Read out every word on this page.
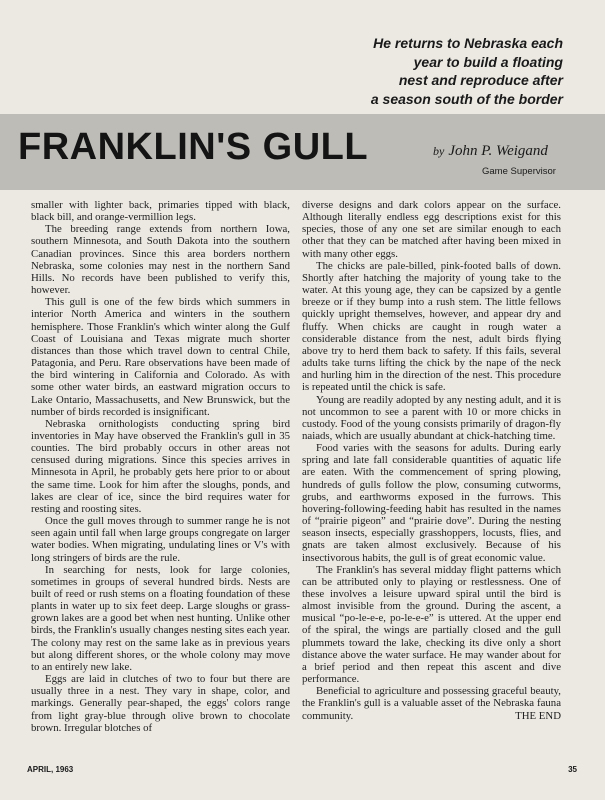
He returns to Nebraska each
year to build a floating
nest and reproduce after
a season south of the border
FRANKLIN'S GULL	by John P. Weigand
Game Supervisor

smaller with lighter back, primaries tipped with black, black bill, and orange-vermillion legs.

The breeding range extends from northern Iowa, southern Minnesota, and South Dakota into the southern Canadian provinces. Since this area borders northern Nebraska, some colonies may nest in the northern Sand Hills. No records have been published to verify this, however.

This gull is one of the few birds which summers in interior North America and winters in the southern hemisphere. Those Franklin's which winter along the Gulf Coast of Louisiana and Texas migrate much shorter distances than those which travel down to central Chile, Patagonia, and Peru. Rare observations have been made of the bird wintering in California and Colorado. As with some other water birds, an eastward migration occurs to Lake Ontario, Massachusetts, and New Brunswick, but the number of birds recorded is insignificant.

Nebraska ornithologists conducting spring bird inventories in May have observed the Franklin's gull in 35 counties. The bird probably occurs in other areas not censused during migrations. Since this species arrives in Minnesota in April, he probably gets here prior to or about the same time. Look for him after the sloughs, ponds, and lakes are clear of ice, since the bird requires water for resting and roosting sites.

Once the gull moves through to summer range he is not seen again until fall when large groups congregate on larger water bodies. When migrating, undulating lines or V's with long stringers of birds are the rule.

In searching for nests, look for large colonies, sometimes in groups of several hundred birds. Nests are built of reed or rush stems on a floating foundation of these plants in water up to six feet deep. Large sloughs or grass-grown lakes are a good bet when nest hunting. Unlike other birds, the Franklin's usually changes nesting sites each year. The colony may rest on the same lake as in previous years but along different shores, or the whole colony may move to an entirely new lake.

Eggs are laid in clutches of two to four but there are usually three in a nest. They vary in shape, color, and markings. Generally pear-shaped, the eggs' colors range from light gray-blue through olive brown to chocolate brown. Irregular blotches of

diverse designs and dark colors appear on the surface. Although literally endless egg descriptions exist for this species, those of any one set are similar enough to each other that they can be matched after having been mixed in with many other eggs.

The chicks are pale-billed, pink-footed balls of down. Shortly after hatching the majority of young take to the water. At this young age, they can be capsized by a gentle breeze or if they bump into a rush stem. The little fellows quickly upright themselves, however, and appear dry and fluffy. When chicks are caught in rough water a considerable distance from the nest, adult birds flying above try to herd them back to safety. If this fails, several adults take turns lifting the chick by the nape of the neck and hurling him in the direction of the nest. This procedure is repeated until the chick is safe.

Young are readily adopted by any nesting adult, and it is not uncommon to see a parent with 10 or more chicks in custody. Food of the young consists primarily of dragon-fly naiads, which are usually abundant at chick-hatching time.

Food varies with the seasons for adults. During early spring and late fall considerable quantities of aquatic life are eaten. With the commencement of spring plowing, hundreds of gulls follow the plow, consuming cutworms, grubs, and earthworms exposed in the furrows. This hovering-following-feeding habit has resulted in the names of “prairie pigeon” and “prairie dove”. During the nesting season insects, especially grasshoppers, locusts, flies, and gnats are taken almost exclusively. Because of his insectivorous habits, the gull is of great economic value.

The Franklin's has several midday flight patterns which can be attributed only to playing or restlessness. One of these involves a leisure upward spiral until the bird is almost invisible from the ground. During the ascent, a musical “po-le-e-e, po-le-e-e” is uttered. At the upper end of the spiral, the wings are partially closed and the gull plummets toward the lake, checking its dive only a short distance above the water surface. He may wander about for a brief period and then repeat this ascent and dive performance.

Beneficial to agriculture and possessing graceful beauty, the Franklin's gull is a valuable asset of the Nebraska fauna community.	THE END

APRIL, 1963	35
